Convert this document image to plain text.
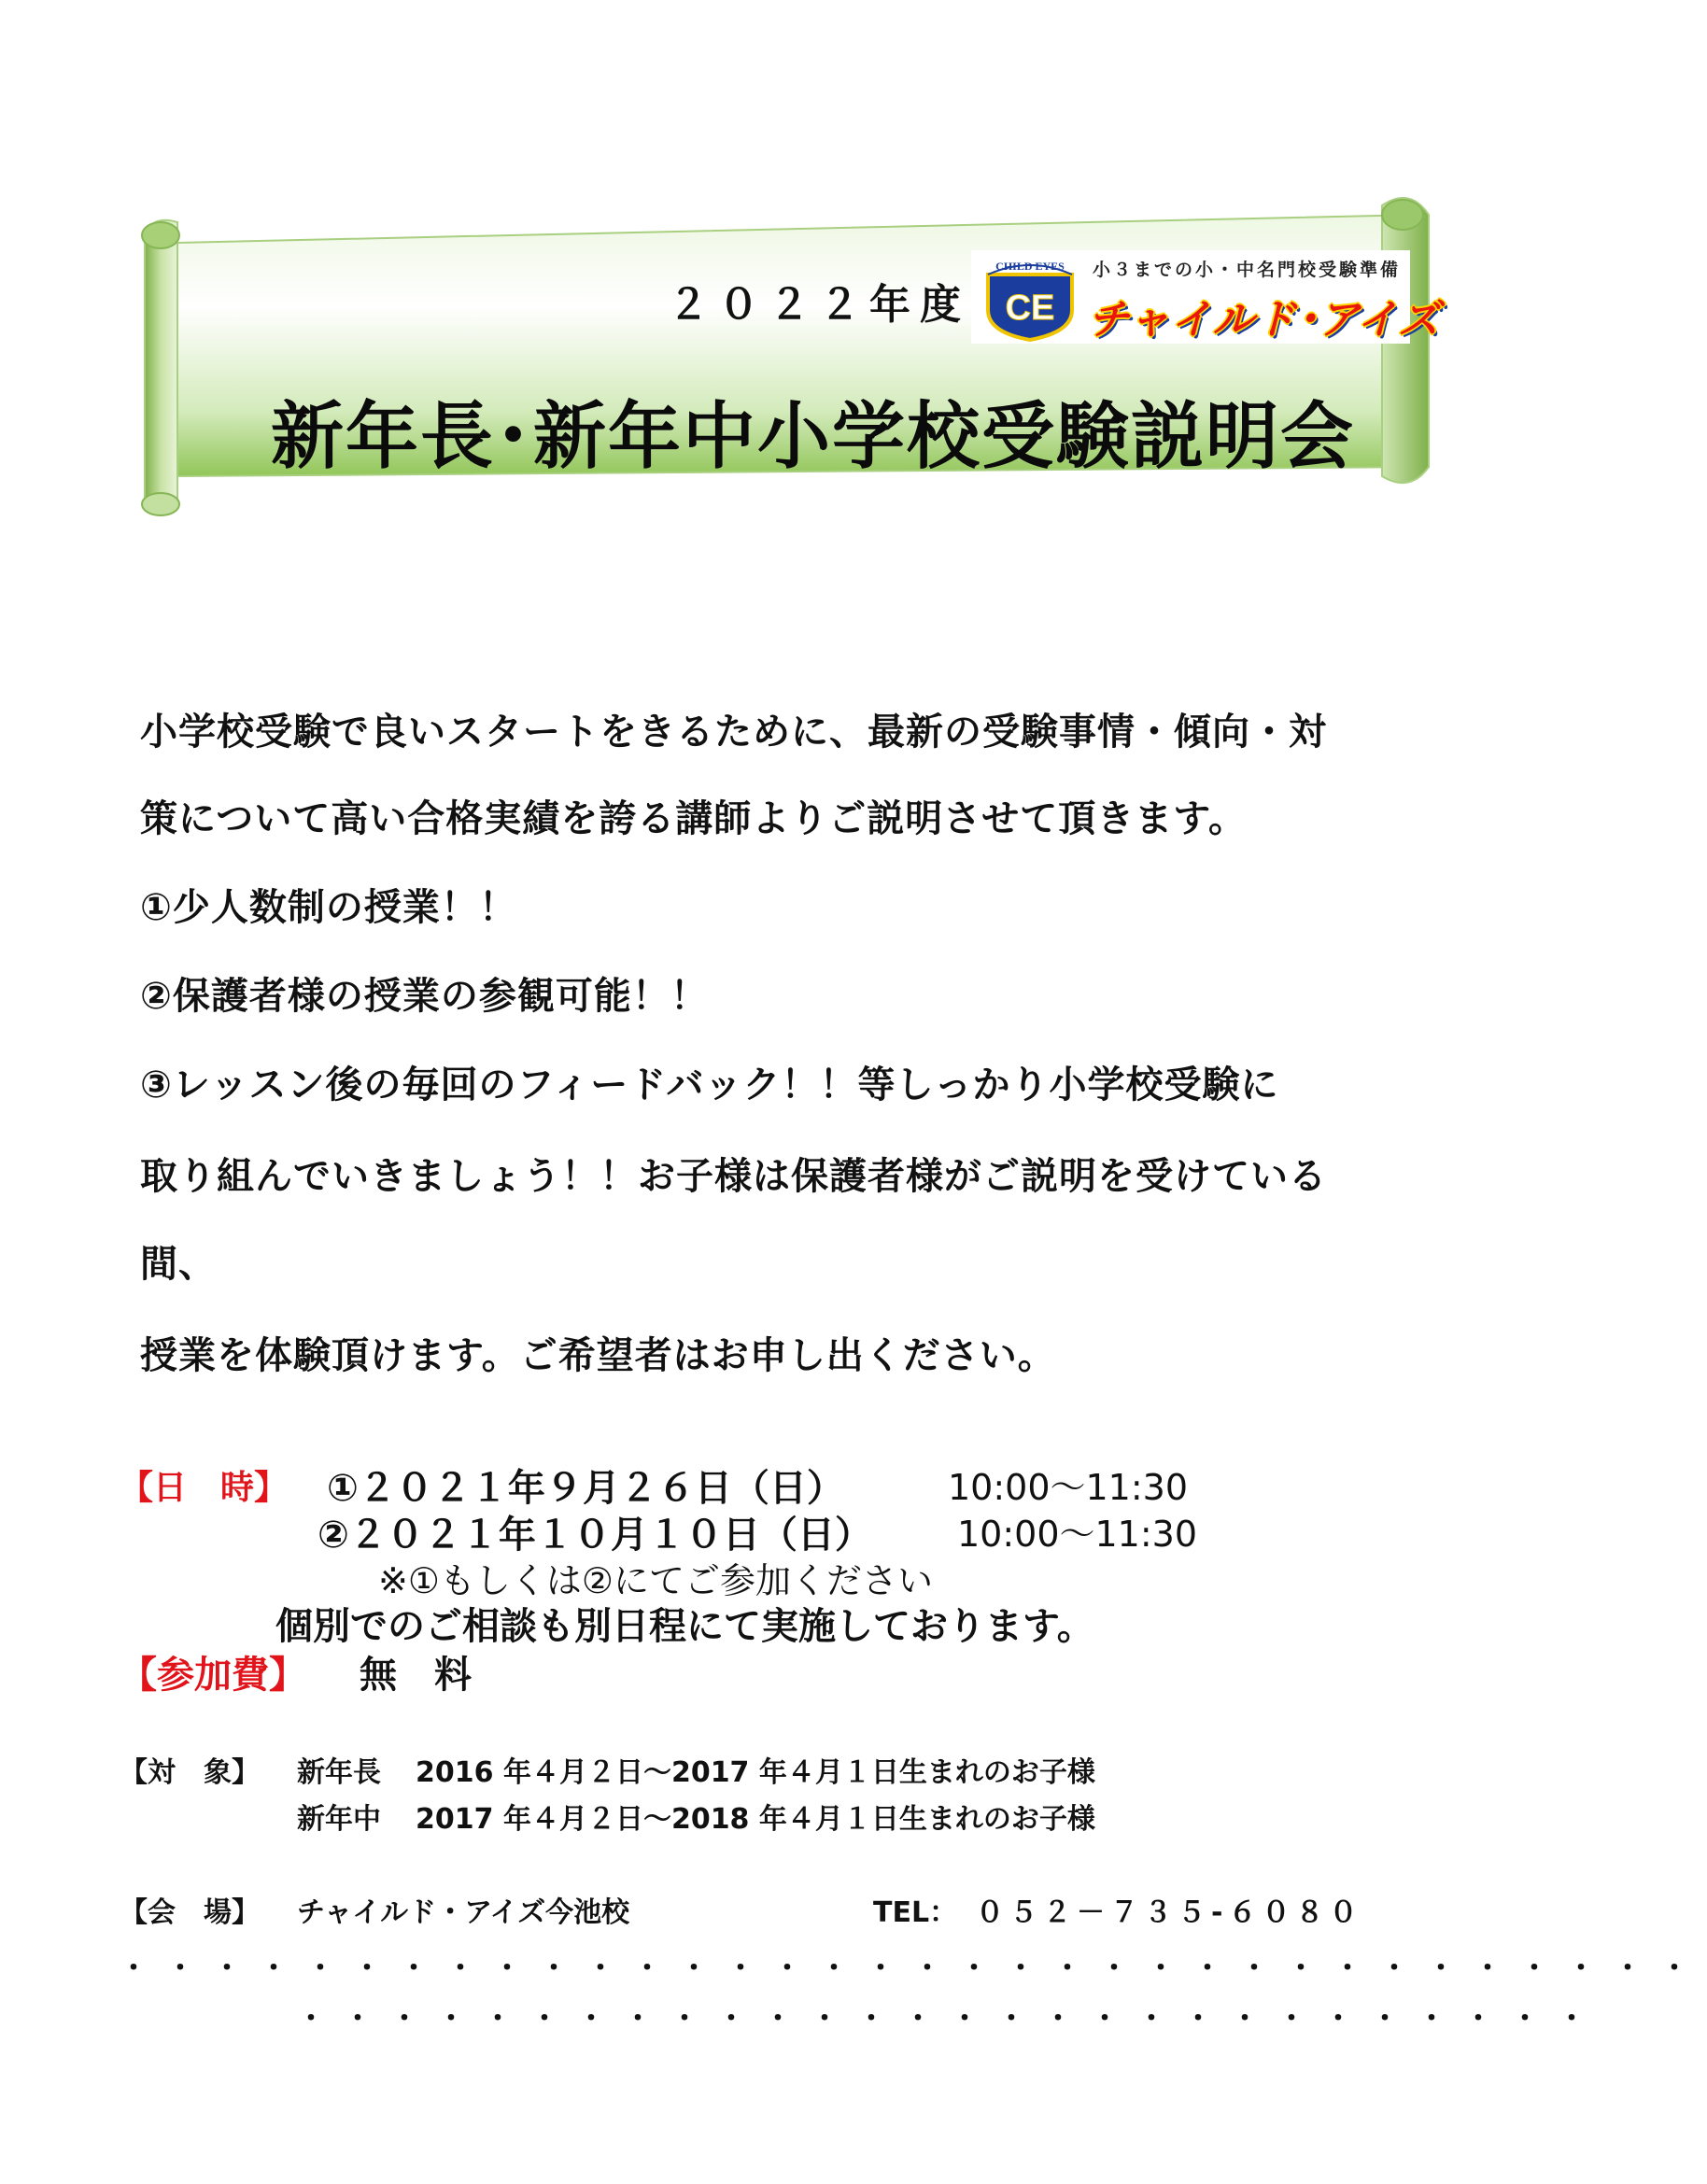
２０２２年度
新年長･新年中小学校受験説明会
CHILD EYES
CE
小３までの小・中名門校受験準備
チャイルド･アイズ
小学校受験で良いスタートをきるために、最新の受験事情・傾向・対
策について高い合格実績を誇る講師よりご説明させて頂きます。
①少人数制の授業！！
②保護者様の授業の参観可能！！
③レッスン後の毎回のフィードバック！！等しっかり小学校受験に
取り組んでいきましょう！！お子様は保護者様がご説明を受けている
間、
授業を体験頂けます。ご希望者はお申し出ください。
【日　時】 ①２０２１年９月２６日（日）	10:00～11:30
②２０２１年１０月１０日（日） 10:00～11:30
※①もしくは②にてご参加ください
個別でのご相談も別日程にて実施しております。
【参加費】 無　料
【対　象】 新年長 2016 年４月２日～2017 年４月１日生まれのお子様
新年中 2017 年４月２日～2018 年４月１日生まれのお子様
【会　場】 チャイルド・アイズ今池校	TEL： ０５２－７３５-６０８０
・・・・・・・・・・・・・・・・・・・・・・・・・・・・・・・・・・
・・・・・・・・・・・・・・・・・・・・・・・・・・・・
